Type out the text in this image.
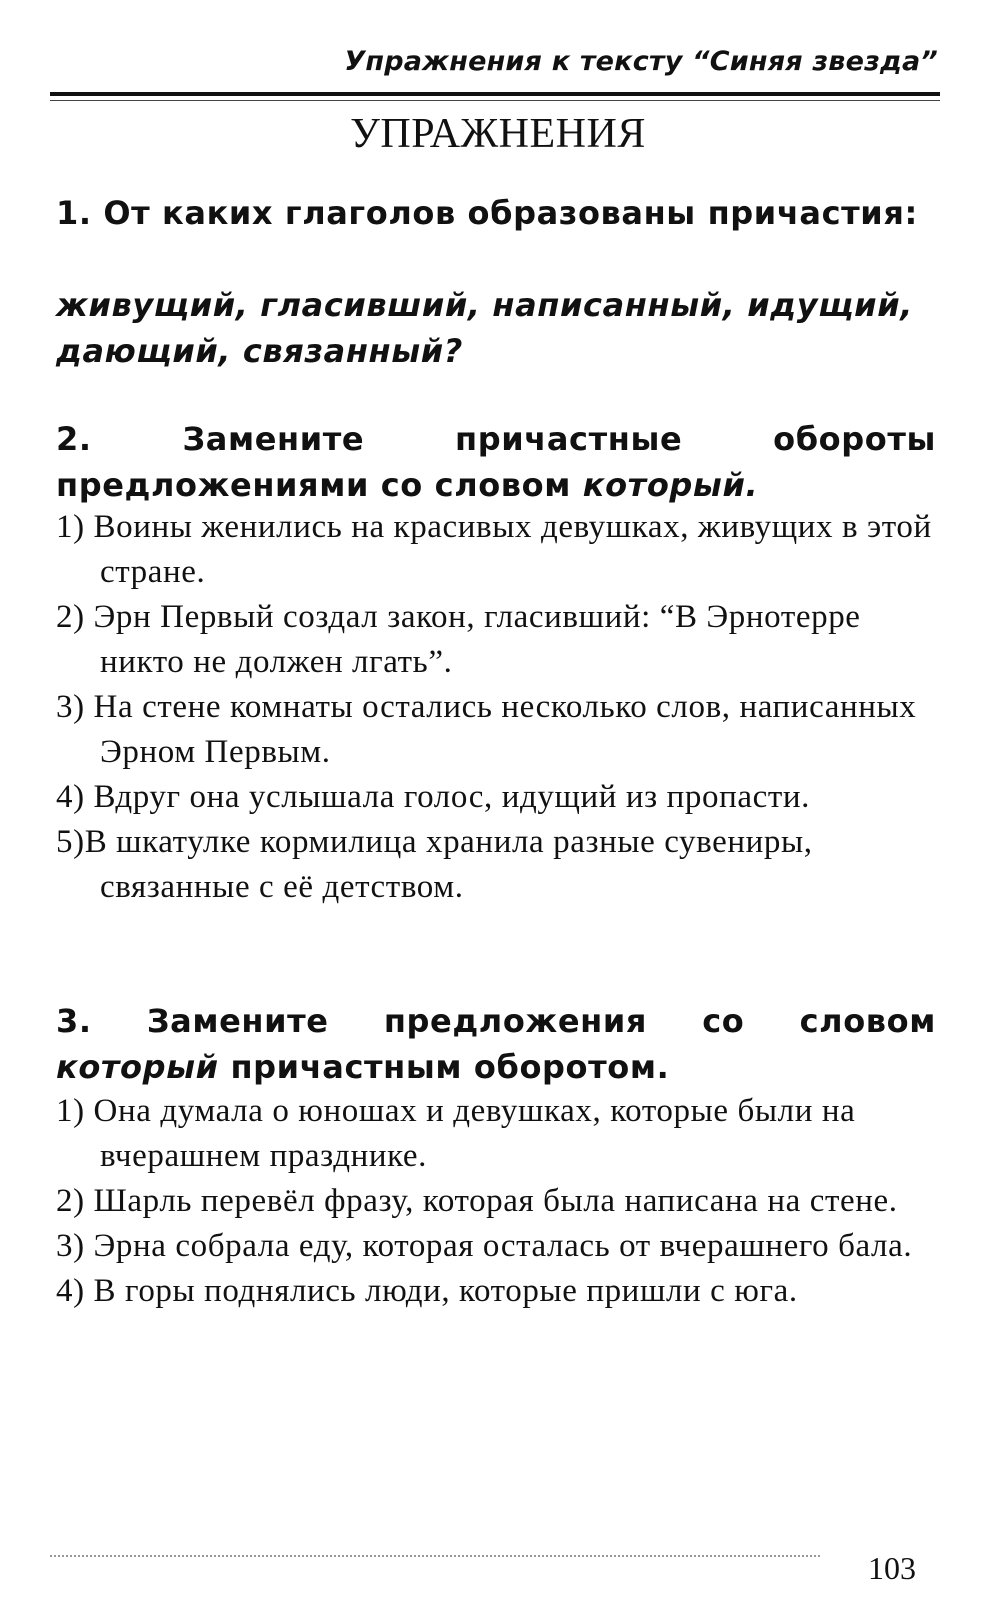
Упражнения к тексту “Синяя звезда”
УПРАЖНЕНИЯ
1. От каких глаголов образованы причастия:
живущий, гласивший, написанный, идущий, дающий, связанный?
2. Замените причастные обороты предложениями со словом который.

1) Воины женились на красивых девушках, живущих в этой стране.

2) Эрн Первый создал закон, гласивший: “В Эрнотерре никто не должен лгать”.

3) На стене комнаты остались несколько слов, написанных Эрном Первым.

4) Вдруг она услышала голос, идущий из пропасти.

5)В шкатулке кормилица хранила разные сувениры, связанные с её детством.

3. Замените предложения со словом который причастным оборотом.

1) Она думала о юношах и девушках, которые были на вчерашнем празднике.

2) Шарль перевёл фразу, которая была написана на стене.

3) Эрна собрала еду, которая осталась от вчерашнего бала.

4) В горы поднялись люди, которые пришли с юга.

103
